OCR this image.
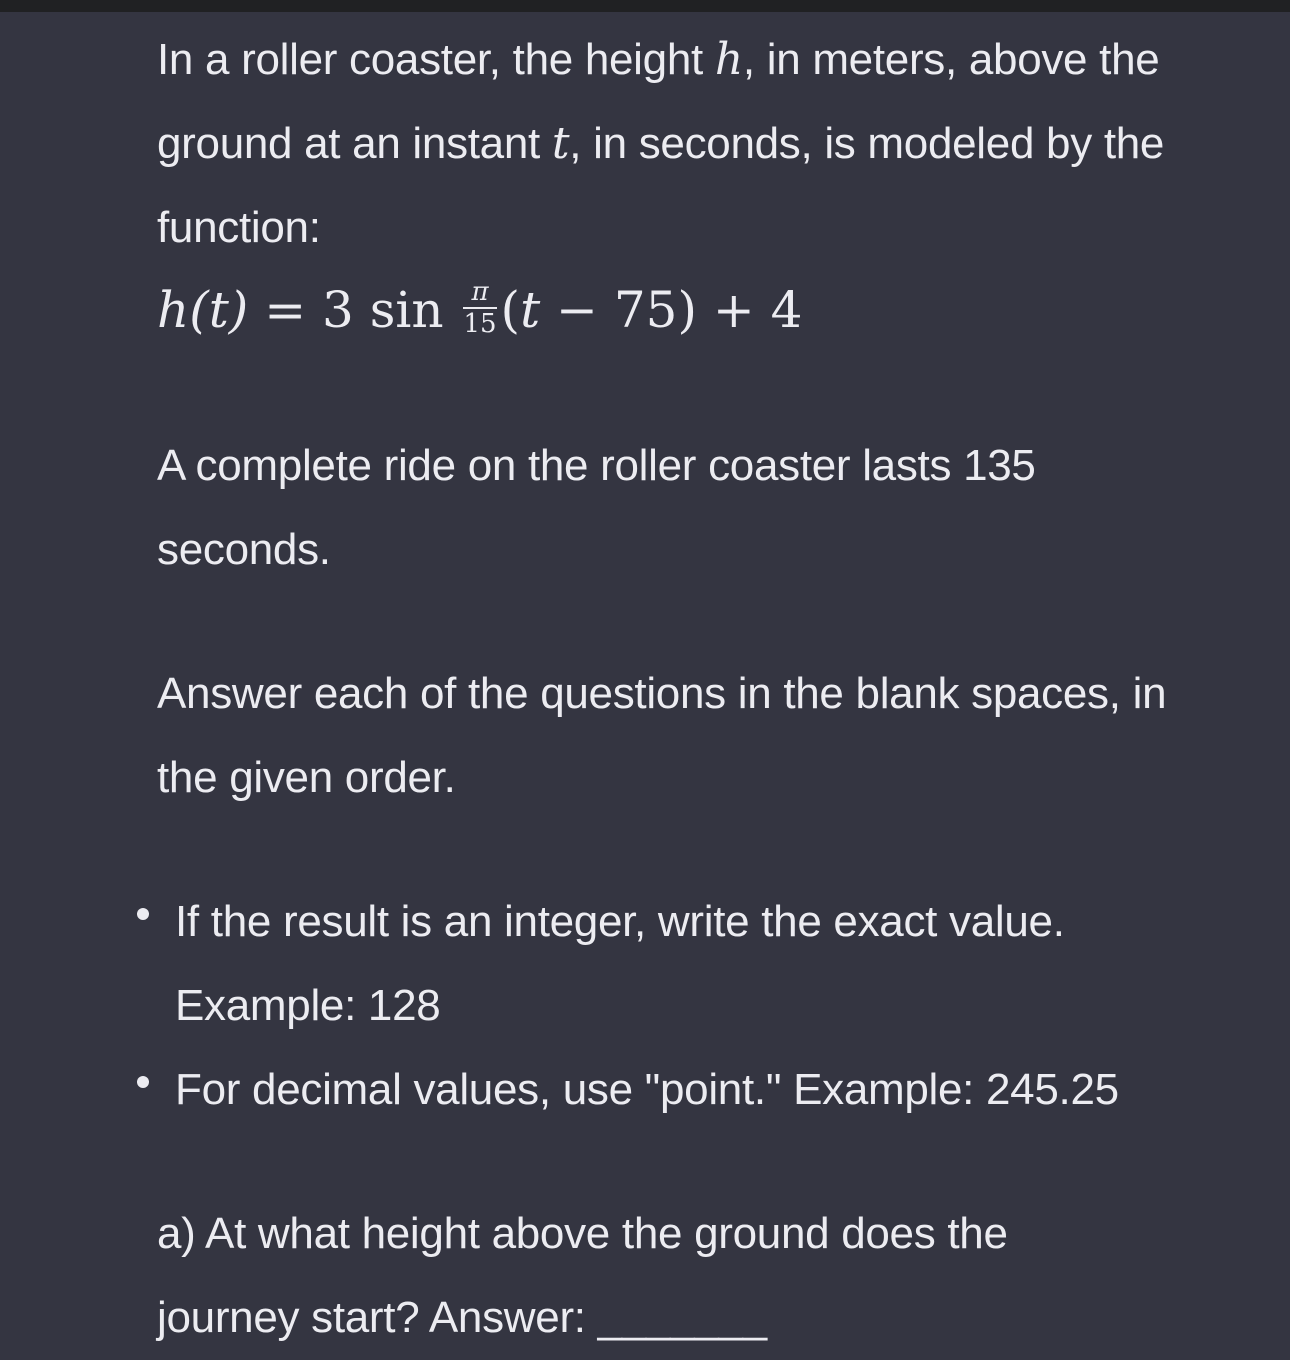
In a roller coaster, the height h, in meters, above the ground at an instant t, in seconds, is modeled by the function:

h(t) = 3 $\sin \frac{\pi}{15} (t - 75) + 4$

A complete ride on the roller coaster lasts 135 seconds.

Answer each of the questions in the blank spaces, in the given order.

If the result is an integer, write the exact value. Example: 128
For decimal values, use "point." Example: 245.25

a) At what height above the ground does the journey start? Answer: _______
